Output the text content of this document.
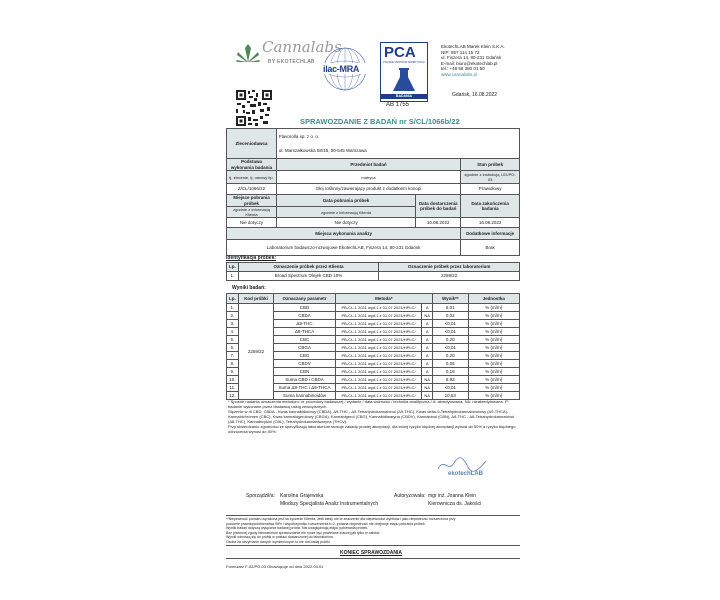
Cannalabs
BY EKOTECHLAB
ilac-MRA
PCA
POLSKIE CENTRUM AKREDYTACJI
BADANIA
AB 1755
EkotechLAB Marek Klein S.K.A.
NIP: 957 114 15 72
ul. Fiszera 14, 80-231 Gdańsk
E-mail: biuro@ekotechlab.pl
tel.: +48 58 380 01 50
www.cannalabs.pl
Gdańsk, 16.08.2022
SPRAWOZDANIE Z BADAŃ nr S/CL/1066b/22
Zleceniodawca	Flavorolla sp. z o. o.		
	ul. Marszałkowska 58/15, 00-545 Warszawa		
Podstawa wykonania badania	Przedmiot badań		Stan próbek
tj. zlecenie, tj. umowy itp.	matryca		zgodnie z instrukcją I-01/PO-03
Z/CL/1066/22	Olej roślinny/zawierający produkt z dodatkiem konopi		Prawidłowy
Miejsce pobrania próbek	Data pobrania próbek	Data dostarczenia próbek do badań	Data zakończenia badania
zgodnie z informacją Klienta	zgodnie z informacją Klienta		
Nie dotyczy	Nie dotyczy	10.08.2022	16.08.2022
Miejsca wykonania analizy			Dodatkowe informacje
Laboratorium badawczo-rozwojowe EkotechLAB, Fiszera 14, 80-231 Gdańsk			Brak
Identyfikacja próbek:
Lp.	Oznaczenie próbek przez Klienta	Oznaczenie próbek przez laboratorium
1.	Broad Spectrum Olejek CBD 10%	2259/22
Wyniki badań:
Lp.	Kod próbki	Oznaczany parametr	Metoda*		Wynik**	Jednostka
1.	2259/22	CBD	PB-CL-1 2021 wyd.1 z 01.07.2021/HPLC/	A	8,01	% (m/m)
2.		CBDA	PB-CL-1 2021 wyd.1 z 01.07.2021/HPLC/	NA	0,02	% (m/m)
3.		Δ9-THC	PB-CL-1 2021 wyd.1 z 01.07.2021/HPLC/	A	<0,01	% (m/m)
4.		Δ9-THCA	PB-CL-1 2021 wyd.1 z 01.07.2021/HPLC/	A	<0,01	% (m/m)
5.		CBC	PB-CL-1 2021 wyd.1 z 01.07.2021/HPLC/	A	0,20	% (m/m)
6.		CBGA	PB-CL-1 2021 wyd.1 z 01.07.2021/HPLC/	A	<0,01	% (m/m)
7.		CBG	PB-CL-1 2021 wyd.1 z 01.07.2021/HPLC/	A	0,20	% (m/m)
8.		CBDV	PB-CL-1 2021 wyd.1 z 01.07.2021/HPLC/	A	0,06	% (m/m)
9.		CBN	PB-CL-1 2021 wyd.1 z 01.07.2021/HPLC/	A	0,16	% (m/m)
10.		Suma CBD i CBDA	PB-CL-1 2021 wyd.1 z 01.07.2021/HPLC/	NA	8,93	% (m/m)
11.		Suma Δ9-THC i Δ9-THCA	PB-CL-1 2021 wyd.1 z 01.07.2021/HPLC/	NA	<0,01	% (m/m)
12.		Suma kannabinoidów	PB-CL-1 2021 wyd.1 z 01.07.2021/HPLC/	NA	10,53	% (m/m)
* Sposób nadania oznaczenia metodom: nr procedury badawczej / wydanie / data ważności / technika analityczna / A: akredytowana, NA: nieakredytowana. P: badanie wykonane przez dostawcę usług zewnętrznych
Stężenie w dl CBD: CBDA - Kwas kannabidiolowy (CBDA), Δ9-THC - Δ9-Tetrahydrokannabinol (Δ9-THC), Kwas delta-9-Tetrahydrokannabinolowy (Δ9-THCA), Kannabichromen (CBC), Kwas kannabigerolowy (CBGA), Kannabigerol (CBG), Kannabidiwaryna (CBDV), Kannabinol (CBN), Δ8-THC - Δ8-Tetrahydrokannabinol (Δ8-THC), Kannabicyklol (CBL), Tetrahydrokannabiwaryna (THCV).
Przy stwierdzaniu zgodności ze specyfikacją laboratorium stosuje zasadę prostej akceptacji, dla której ryzyko błędnej akceptacji wynosi do 50% a ryzyko błędnego odrzucenia wynosi do 50%.
ekotechLAB
Sporządził/a: Karolina Grajewska
Młodszy Specjalista Analiz Instrumentalnych
Autoryzowała: mgr inż. Joanna Klein
Kierownicza ds. Jakości
**Niepewność pomiaru wyrażona jest na życzenie Klienta. Jeśli kiedy nie te znaczenie dla niepewności wyników i jako niepewność rozszerzona przy
poziomie prawdopodobieństwa 95% i współczynniku rozszerzenia k=2, podana niepewność nie obejmuje etapu pobrania próbek.
Wyniki badań dotyczą wyłącznie badanej próbki. Nie uwzględniają etapu pobierania próbek.
Bez pisemnej zgody laboratorium sprawozdanie nie może być powielane inaczej jak tylko w całości.
Wyniki odnoszą się do próbki w postaci dostarczonej do laboratorium.
Osoba za utrzymanie danych wymienionych to nie dot.badaj próbki.
KONIEC SPRAWOZDANIA
Formularz F-02/PO-03 Obowiązuje od dnia 2022.04.01
